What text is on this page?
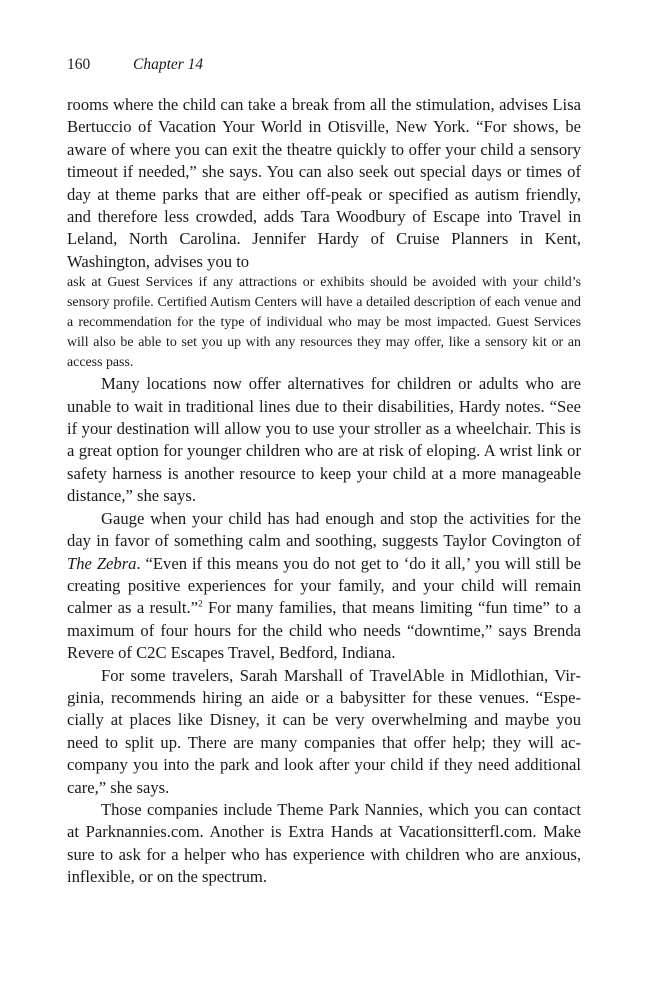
160	Chapter 14

rooms where the child can take a break from all the stimulation, advises Lisa Bertuccio of Vacation Your World in Otisville, New York. “For shows, be aware of where you can exit the theatre quickly to offer your child a sensory timeout if needed,” she says. You can also seek out special days or times of day at theme parks that are either off-peak or specified as autism friendly, and therefore less crowded, adds Tara Woodbury of Escape into Travel in Leland, North Carolina. Jennifer Hardy of Cruise Planners in Kent, Washington, advises you to

ask at Guest Services if any attractions or exhibits should be avoided with your child’s sensory profile. Certified Autism Centers will have a detailed description of each venue and a recommendation for the type of individual who may be most impacted. Guest Services will also be able to set you up with any resources they may offer, like a sensory kit or an access pass.

Many locations now offer alternatives for children or adults who are unable to wait in traditional lines due to their disabilities, Hardy notes. “See if your destination will allow you to use your stroller as a wheelchair. This is a great option for younger children who are at risk of eloping. A wrist link or safety harness is another resource to keep your child at a more manageable distance,” she says.

Gauge when your child has had enough and stop the activities for the day in favor of something calm and soothing, suggests Taylor Covington of The Zebra. “Even if this means you do not get to ‘do it all,’ you will still be creating positive experiences for your family, and your child will remain calmer as a result.”$^2$ For many families, that means limiting “fun time” to a maximum of four hours for the child who needs “downtime,” says Brenda Revere of C2C Escapes Travel, Bedford, Indiana.

For some travelers, Sarah Marshall of TravelAble in Midlothian, Virginia, recommends hiring an aide or a babysitter for these venues. “Especially at places like Disney, it can be very overwhelming and maybe you need to split up. There are many companies that offer help; they will accompany you into the park and look after your child if they need additional care,” she says.

Those companies include Theme Park Nannies, which you can contact at Parknannies.com. Another is Extra Hands at Vacationsitterfl.com. Make sure to ask for a helper who has experience with children who are anxious, inflexible, or on the spectrum.
